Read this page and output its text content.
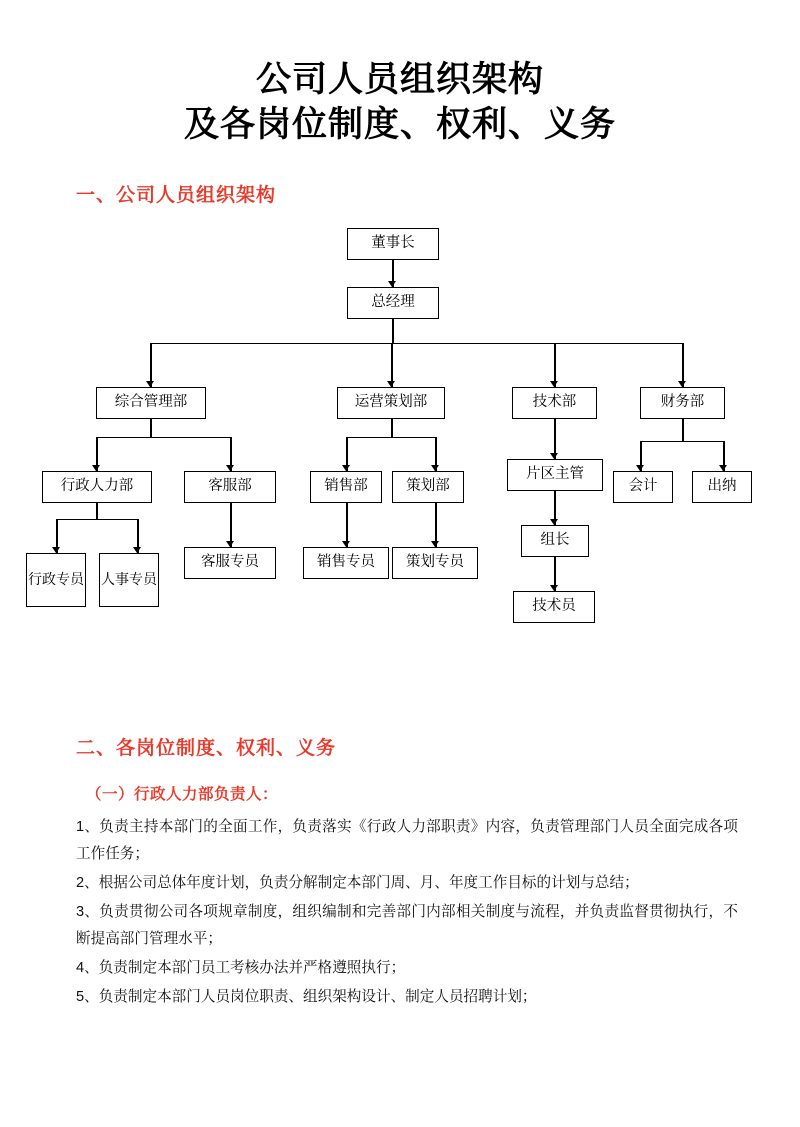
公司人员组织架构
及各岗位制度、权利、义务
一、公司人员组织架构
董事长
总经理
综合管理部	运营策划部	技术部	财务部
行政人力部	客服部
行政专员 人事专员
客服专员
销售部	策划部
销售专员	策划专员
片区主管
组长
技术员
会计	出纳
二、各岗位制度、权利、义务
（一）行政人力部负责人：

1、负责主持本部门的全面工作，负责落实《行政人力部职责》内容，负责管理部门人员全面完成各项工作任务；

2、根据公司总体年度计划，负责分解制定本部门周、月、年度工作目标的计划与总结；

3、负责贯彻公司各项规章制度，组织编制和完善部门内部相关制度与流程，并负责监督贯彻执行，不断提高部门管理水平；

4、负责制定本部门员工考核办法并严格遵照执行；

5、负责制定本部门人员岗位职责、组织架构设计、制定人员招聘计划；
